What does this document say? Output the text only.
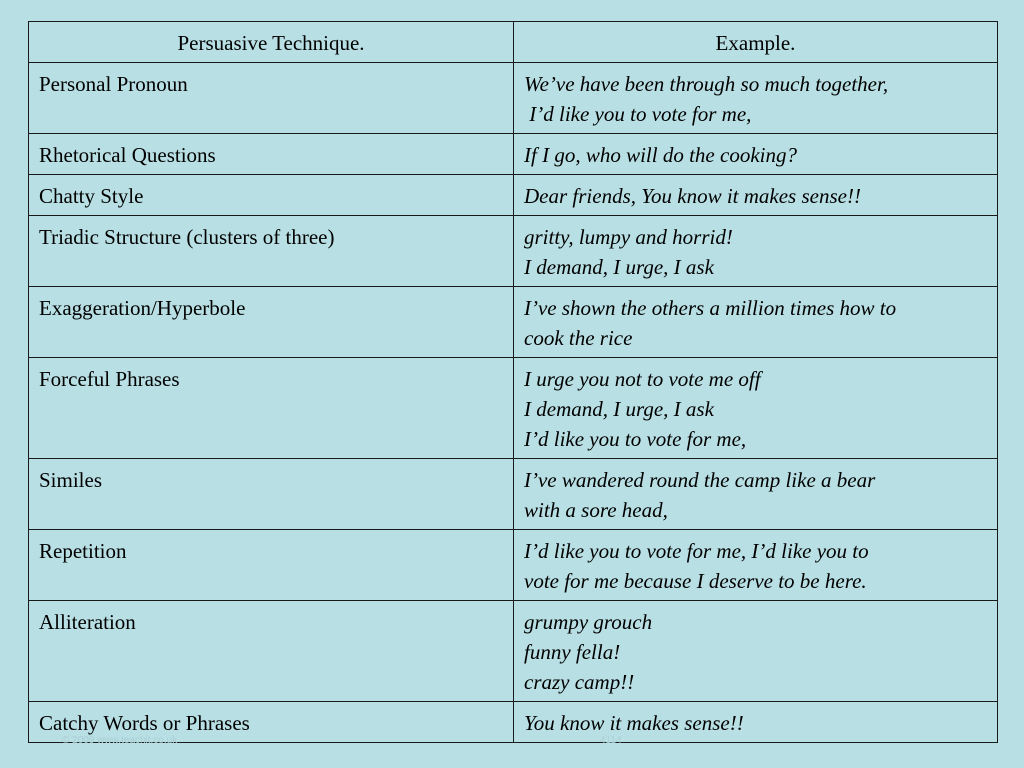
Persuasive Technique.	Example.
Personal Pronoun	We’ve have been through so much together,
I’d like you to vote for me,

Rhetorical Questions	If I go, who will do the cooking?

Chatty Style	Dear friends, You know it makes sense!!

Triadic Structure (clusters of three)	gritty, lumpy and horrid!
I demand, I urge, I ask

Exaggeration/Hyperbole	I’ve shown the others a million times how to
cook the rice

Forceful Phrases	I urge you not to vote me off
I demand, I urge, I ask
I’d like you to vote for me,

Similes	I’ve wandered round the camp like a bear
with a sore head,

Repetition	I’d like you to vote for me, I’d like you to
vote for me because I deserve to be here.

Alliteration	grumpy grouch
funny fella!
crazy camp!!

Catchy Words or Phrases	You know it makes sense!!
© 2009 www.teachit.co.uk	4114
